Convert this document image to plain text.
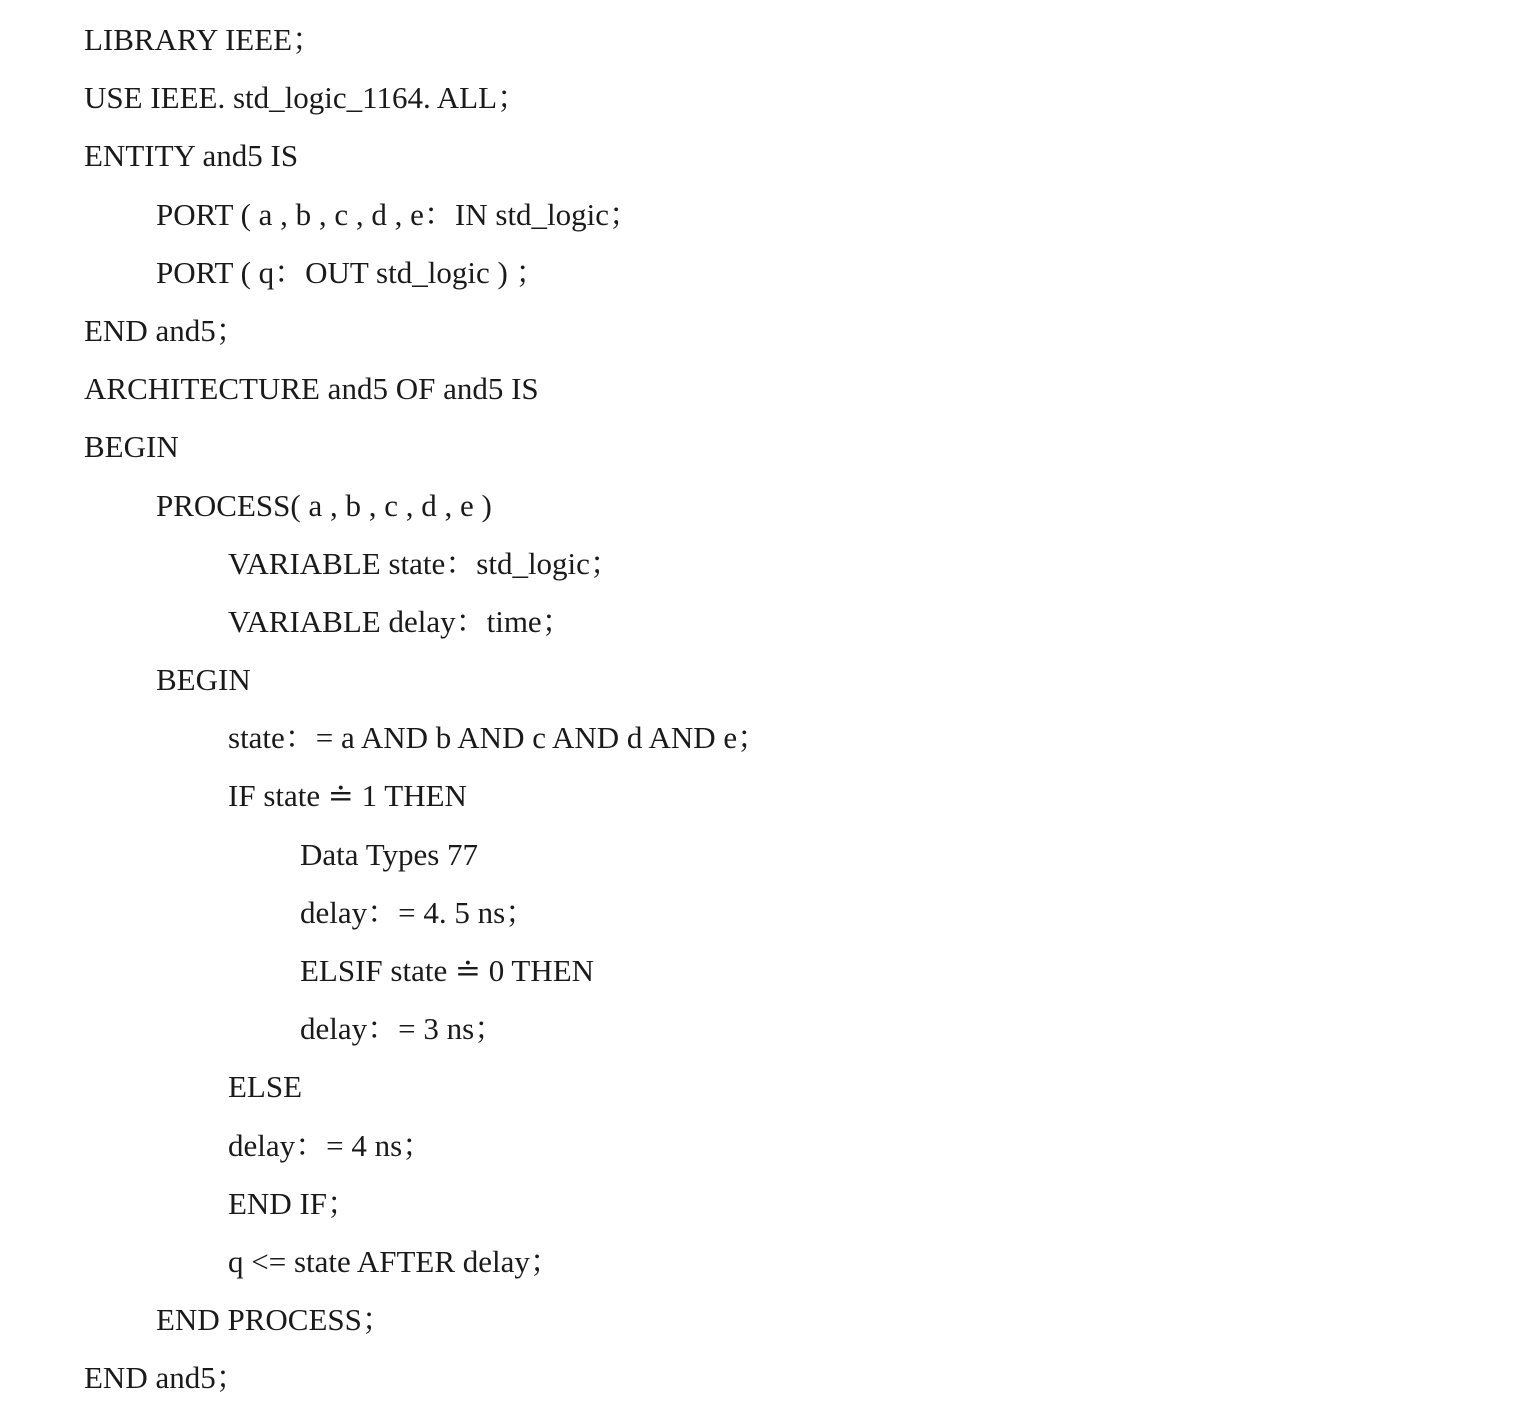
LIBRARY IEEE；
USE IEEE. std_logic_1164. ALL；
ENTITY and5 IS
PORT ( a , b , c , d , e：IN std_logic；
PORT ( q：OUT std_logic ) ；
END and5；
ARCHITECTURE and5 OF and5 IS
BEGIN
PROCESS( a , b , c , d , e )
VARIABLE state：std_logic；
VARIABLE delay：time；
BEGIN
state：= a AND b AND c AND d AND e；
IF state ≐ 1 THEN
Data Types 77
delay：= 4. 5 ns；
ELSIF state ≐ 0 THEN
delay：= 3 ns；
ELSE
delay：= 4 ns；
END IF；
q <= state AFTER delay；
END PROCESS；
END and5；
